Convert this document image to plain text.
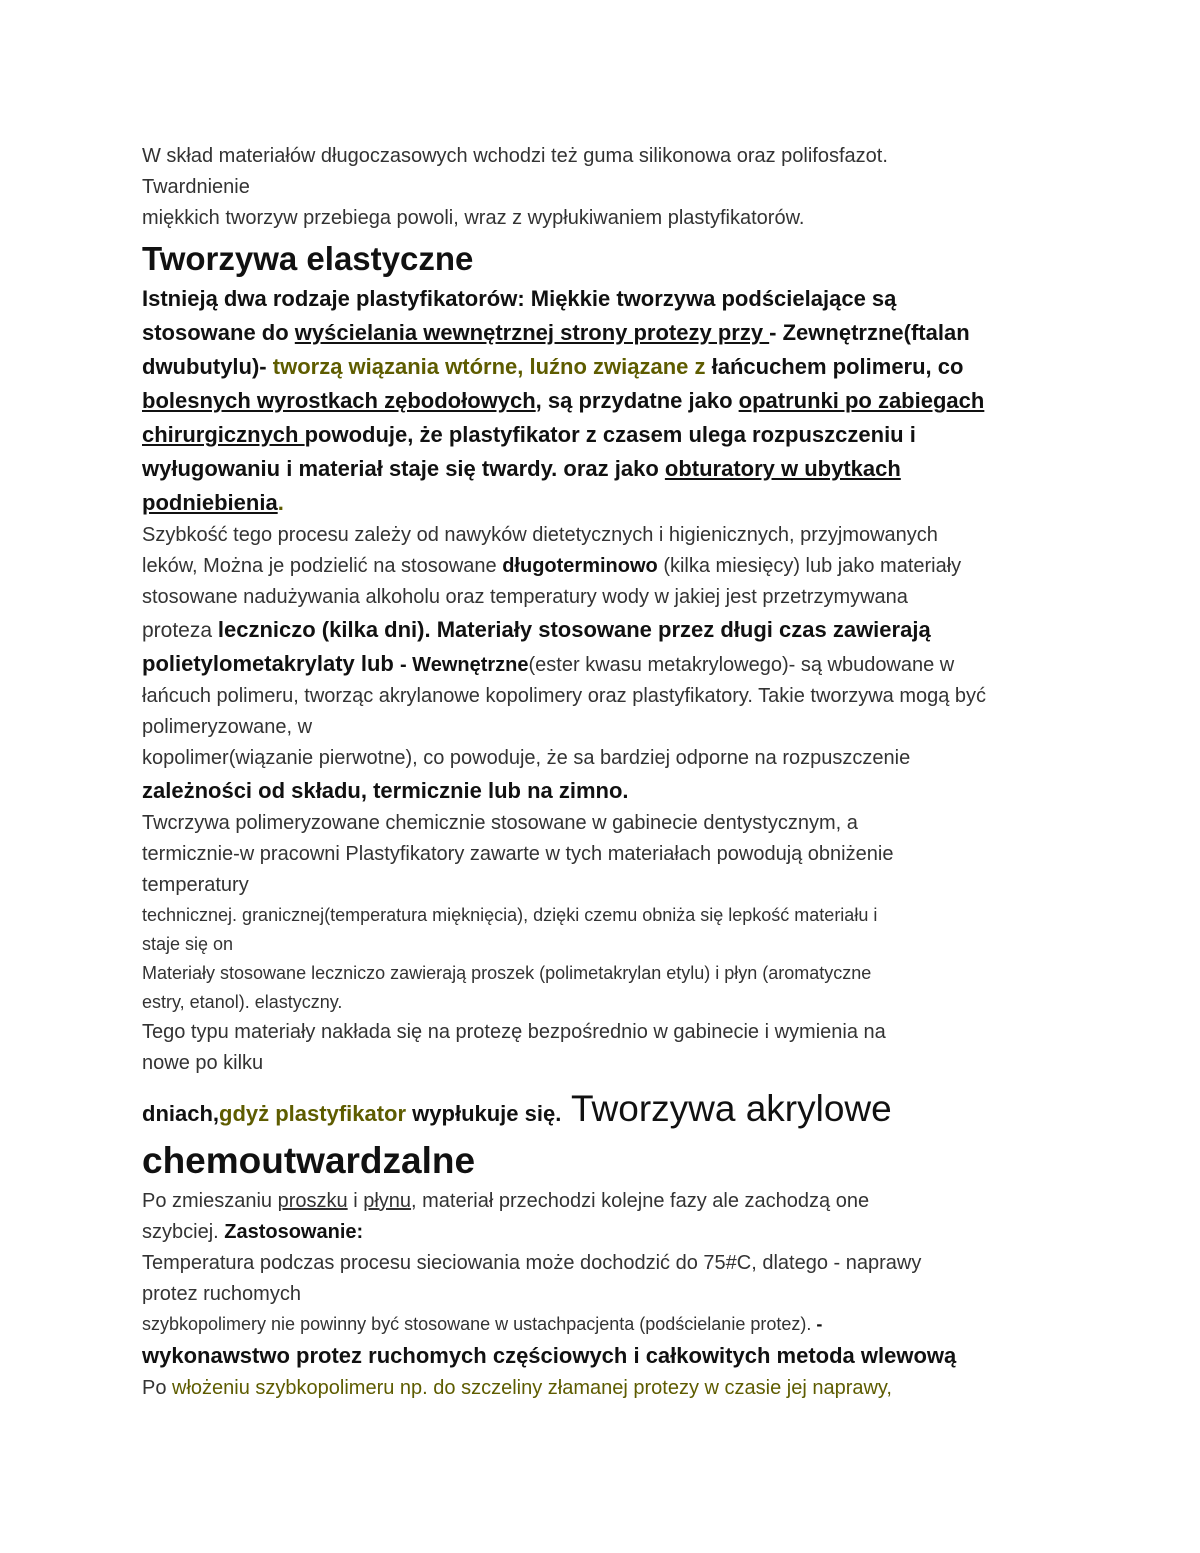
W skład materiałów długoczasowych wchodzi też guma silikonowa oraz polifosfazot.

Twardnienie

miękkich tworzyw przebiega powoli, wraz z wypłukiwaniem plastyfikatorów.

Tworzywa elastyczne

Istnieją dwa rodzaje plastyfikatorów: Miękkie tworzywa podścielające są

stosowane do wyścielania wewnętrznej strony protezy przy - Zewnętrzne(ftalan

dwubutylu)- tworzą wiązania wtórne, luźno związane z łańcuchem polimeru, co

bolesnych wyrostkach zębodołowych, są przydatne jako opatrunki po zabiegach

chirurgicznych powoduje, że plastyfikator z czasem ulega rozpuszczeniu i

wyługowaniu i materiał staje się twardy. oraz jako obturatory w ubytkach

podniebienia.

Szybkość tego procesu zależy od nawyków dietetycznych i higienicznych, przyjmowanych

leków, Można je podzielić na stosowane długoterminowo (kilka miesięcy) lub jako materiały

stosowane nadużywania alkoholu oraz temperatury wody w jakiej jest przetrzymywana

proteza leczniczo (kilka dni). Materiały stosowane przez długi czas zawierają

polietylometakrylaty lub - Wewnętrzne(ester kwasu metakrylowego)- są wbudowane w

łańcuch polimeru, tworząc akrylanowe kopolimery oraz plastyfikatory. Takie tworzywa mogą być

polimeryzowane, w

kopolimer(wiązanie pierwotne), co powoduje, że sa bardziej odporne na rozpuszczenie

zależności od składu, termicznie lub na zimno.

Twcrzywa polimeryzowane chemicznie stosowane w gabinecie dentystycznym, a

termicznie-w pracowni Plastyfikatory zawarte w tych materiałach powodują obniżenie

temperatury

technicznej. granicznej(temperatura mięknięcia), dzięki czemu obniża się lepkość materiału i

staje się on

Materiały stosowane leczniczo zawierają proszek (polimetakrylan etylu) i płyn (aromatyczne

estry, etanol). elastyczny.

Tego typu materiały nakłada się na protezę bezpośrednio w gabinecie i wymienia na

nowe po kilku

dniach,gdyż plastyfikator wypłukuje się. Tworzywa akrylowe

chemoutwardzalne

Po zmieszaniu proszku i płynu, materiał przechodzi kolejne fazy ale zachodzą one

szybciej. Zastosowanie:

Temperatura podczas procesu sieciowania może dochodzić do 75#C, dlatego - naprawy

protez ruchomych

szybkopolimery nie powinny być stosowane w ustachpacjenta (podścielanie protez). -

wykonawstwo protez ruchomych częściowych i całkowitych metoda wlewową

Po włożeniu szybkopolimeru np. do szczeliny złamanej protezy w czasie jej naprawy,
